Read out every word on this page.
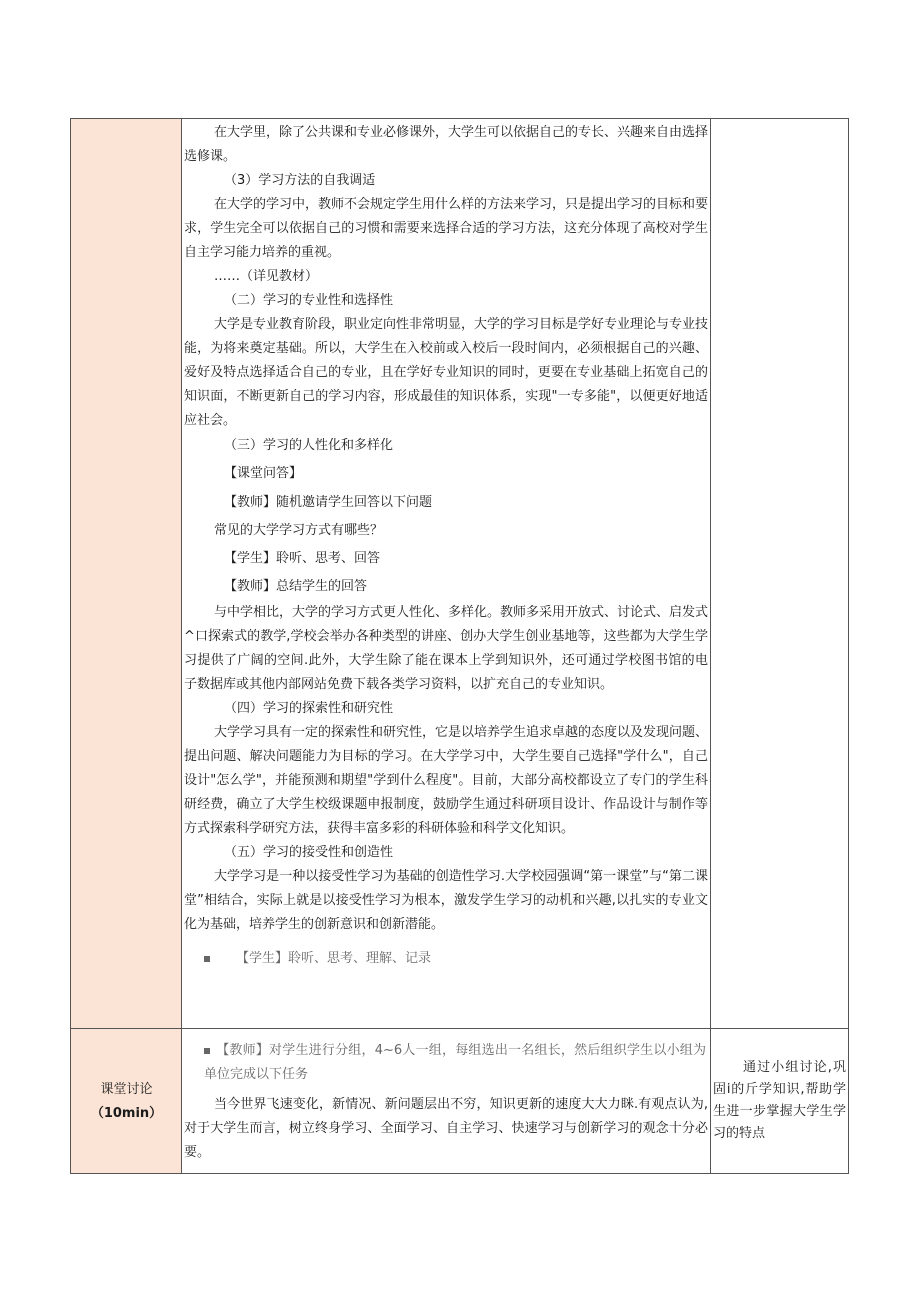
在大学里，除了公共课和专业必修课外，大学生可以依据自己的专长、兴趣来自由选择选修课。

（3）学习方法的自我调适

在大学的学习中，教师不会规定学生用什么样的方法来学习，只是提出学习的目标和要求，学生完全可以依据自己的习惯和需要来选择合适的学习方法，这充分体现了高校对学生自主学习能力培养的重视。

……（详见教材）

（二）学习的专业性和选择性

大学是专业教育阶段，职业定向性非常明显，大学的学习目标是学好专业理论与专业技能，为将来奠定基础。所以，大学生在入校前或入校后一段时间内，必须根据自己的兴趣、爱好及特点选择适合自己的专业，且在学好专业知识的同时，更要在专业基础上拓宽自己的知识面，不断更新自己的学习内容，形成最佳的知识体系，实现"一专多能"，以便更好地适应社会。

（三）学习的人性化和多样化

【课堂问答】

【教师】随机邀请学生回答以下问题

常见的大学学习方式有哪些？

【学生】聆听、思考、回答

【教师】总结学生的回答

与中学相比，大学的学习方式更人性化、多样化。教师多采用开放式、讨论式、启发式^口探索式的教学,学校会举办各种类型的讲座、创办大学生创业基地等，这些都为大学生学习提供了广阔的空间.此外，大学生除了能在课本上学到知识外，还可通过学校图书馆的电子数据库或其他内部网站免费下载各类学习资料，以扩充自己的专业知识。

（四）学习的探索性和研究性

大学学习具有一定的探索性和研究性，它是以培养学生追求卓越的态度以及发现问题、提出问题、解决问题能力为目标的学习。在大学学习中，大学生要自己选择"学什么"，自己设计"怎么学"，并能预测和期望"学到什么程度"。目前，大部分高校都设立了专门的学生科研经费，确立了大学生校级课题申报制度，鼓励学生通过科研项目设计、作品设计与制作等方式探索科学研究方法，获得丰富多彩的科研体验和科学文化知识。

（五）学习的接受性和创造性

大学学习是一种以接受性学习为基础的创造性学习.大学校园强调“第一课堂”与“第二课堂”相结合，实际上就是以接受性学习为根本，激发学生学习的动机和兴趣,以扎实的专业文化为基础，培养学生的创新意识和创新潜能。

【学生】聆听、思考、理解、记录

课堂讨论
（10min）

【教师】对学生进行分组，4~6人一组，每组选出一名组长，然后组织学生以小组为单位完成以下任务

当今世界飞速变化，新情况、新问题层出不穷，知识更新的速度大大力眯.有观点认为,对于大学生而言，树立终身学习、全面学习、自主学习、快速学习与创新学习的观念十分必要。

通过小组讨论,巩固i的斤学知识,帮助学生进一步掌握大学生学习的特点
